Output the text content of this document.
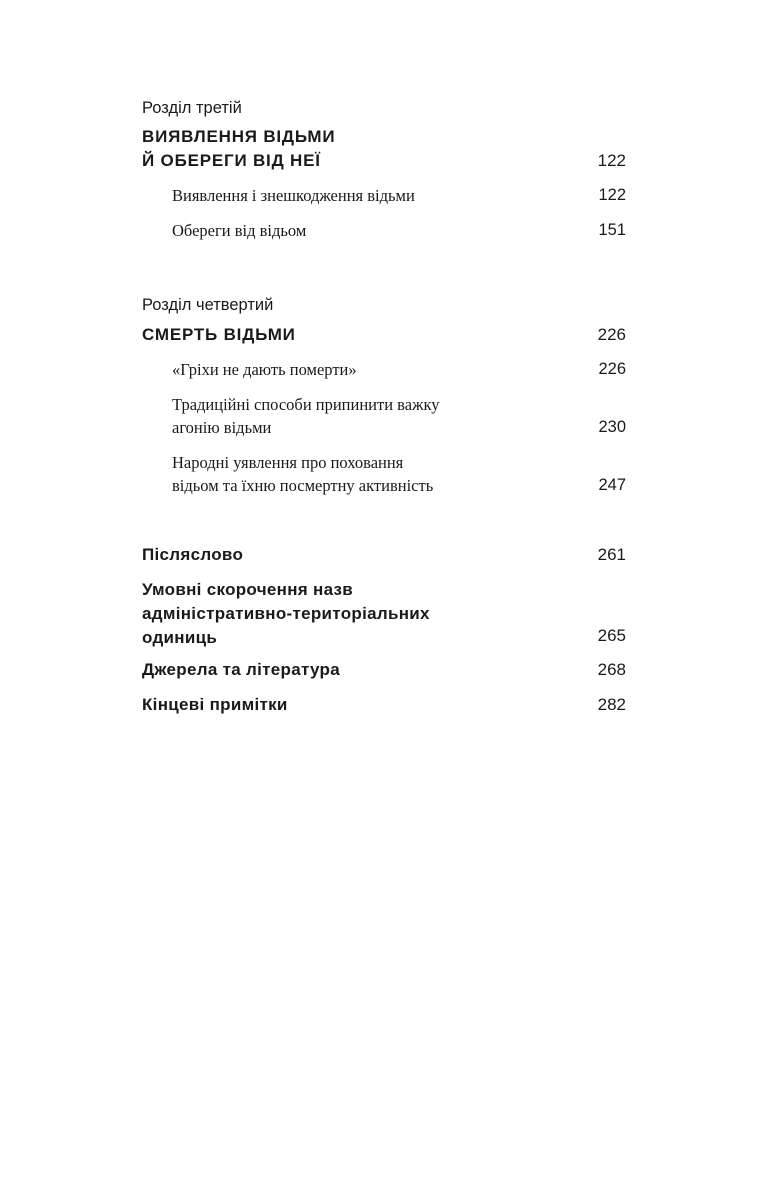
Розділ третій
ВИЯВЛЕННЯ ВІДЬМИ
Й ОБЕРЕГИ ВІД НЕЇ	122
Виявлення і знешкодження відьми	122
Обереги від відьом	151
Розділ четвертий
СМЕРТЬ ВІДЬМИ	226
«Гріхи не дають померти»	226
Традиційні способи припинити важку
агонію відьми	230
Народні уявлення про поховання
відьом та їхню посмертну активність	247
Післяслово	261
Умовні скорочення назв
адміністративно-територіальних
одиниць	265
Джерела та література	268
Кінцеві примітки	282
